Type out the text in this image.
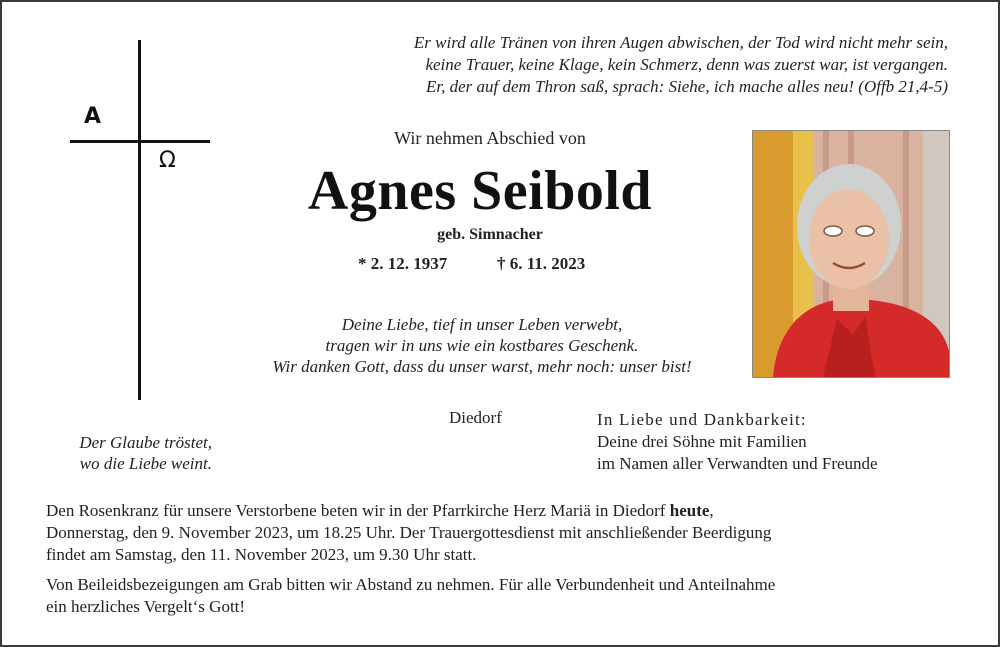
Er wird alle Tränen von ihren Augen abwischen, der Tod wird nicht mehr sein,
keine Trauer, keine Klage, kein Schmerz, denn was zuerst war, ist vergangen.
Er, der auf dem Thron saß, sprach: Siehe, ich mache alles neu! (Offb 21,4-5)
A
Ω
Wir nehmen Abschied von
Agnes Seibold
geb. Simnacher
* 2. 12. 1937	† 6. 11. 2023
Deine Liebe, tief in unser Leben verwebt,
tragen wir in uns wie ein kostbares Geschenk.
Wir danken Gott, dass du unser warst, mehr noch: unser bist!
Der Glaube tröstet,
wo die Liebe weint.
Diedorf	In Liebe und Dankbarkeit:
Deine drei Söhne mit Familien
im Namen aller Verwandten und Freunde

Den Rosenkranz für unsere Verstorbene beten wir in der Pfarrkirche Herz Mariä in Diedorf heute,
Donnerstag, den 9. November 2023, um 18.25 Uhr. Der Trauergottesdienst mit anschließender Beerdigung
findet am Samstag, den 11. November 2023, um 9.30 Uhr statt.

Von Beileidsbezeigungen am Grab bitten wir Abstand zu nehmen. Für alle Verbundenheit und Anteilnahme
ein herzliches Vergelt‘s Gott!
